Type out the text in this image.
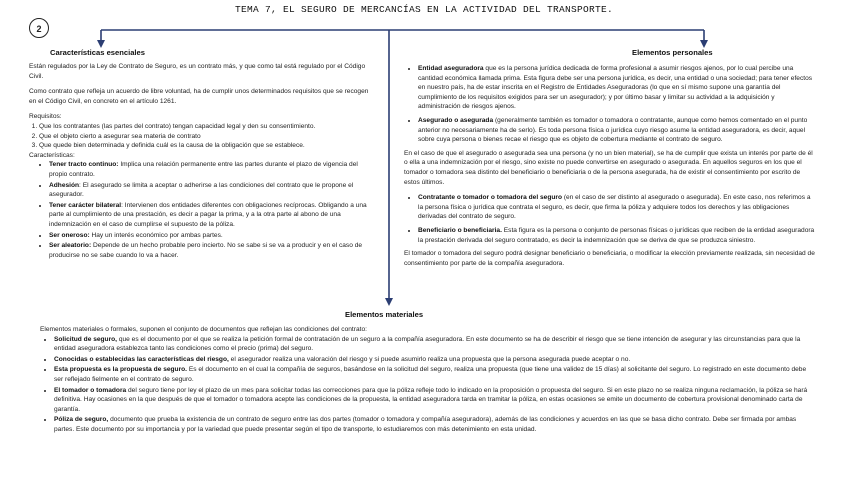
TEMA 7, EL SEGURO DE MERCANCÍAS EN LA ACTIVIDAD DEL TRANSPORTE.
2
Características esenciales

Están regulados por la Ley de Contrato de Seguro, es un contrato más, y que como tal está regulado por el Código Civil.

Como contrato que refleja un acuerdo de libre voluntad, ha de cumplir unos determinados requisitos que se recogen en el Código Civil, en concreto en el artículo 1261.

Requisitos:

1. Que los contratantes (las partes del contrato) tengan capacidad legal y den su consentimiento.
2. Que el objeto cierto a asegurar sea materia de contrato
3. Que quede bien determinada y definida cuál es la causa de la obligación que se establece.

Características:

• Tener tracto continuo: Implica una relación permanente entre las partes durante el plazo de vigencia del propio contrato.
• Adhesión: El asegurado se limita a aceptar o adherirse a las condiciones del contrato que le propone el asegurador.
• Tener carácter bilateral: Intervienen dos entidades diferentes con obligaciones recíprocas. Obligando a una parte al cumplimiento de una prestación, es decir a pagar la prima, y a la otra parte al abono de una indemnización en el caso de cumplirse el supuesto de la póliza.
• Ser oneroso: Hay un interés económico por ambas partes.
• Ser aleatorio: Depende de un hecho probable pero incierto. No se sabe si se va a producir y en el caso de producirse no se sabe cuando lo va a hacer.
Elementos personales
• Entidad aseguradora que es la persona jurídica dedicada de forma profesional a asumir riesgos ajenos, por lo cual percibe una cantidad económica llamada prima. Esta figura debe ser una persona jurídica, es decir, una entidad o una sociedad; para tener efectos en nuestro país, ha de estar inscrita en el Registro de Entidades Aseguradoras (lo que en sí mismo supone una garantía del cumplimiento de los requisitos exigidos para ser un asegurador); y por último basar y limitar su actividad a la adquisición y administración de riesgos ajenos.
• Asegurado o asegurada (generalmente también es tomador o tomadora o contratante, aunque como hemos comentado en el punto anterior no necesariamente ha de serlo). Es toda persona física o jurídica cuyo riesgo asume la entidad aseguradora, es decir, aquel sobre cuya persona o bienes recae el riesgo que es objeto de cobertura mediante el contrato de seguro.

En el caso de que el asegurado o asegurada sea una persona (y no un bien material), se ha de cumplir que exista un interés por parte de él o ella a una indemnización por el riesgo, sino existe no puede convertirse en asegurado o asegurada. En aquellos seguros en los que el tomador o tomadora sea distinto del beneficiario o beneficiaria o de la persona asegurada, ha de existir el consentimiento por escrito de estos últimos.

• Contratante o tomador o tomadora del seguro (en el caso de ser distinto al asegurado o asegurada). En este caso, nos referimos a la persona física o jurídica que contrata el seguro, es decir, que firma la póliza y adquiere todos los derechos y las obligaciones derivadas del contrato de seguro.
• Beneficiario o beneficiaria. Esta figura es la persona o conjunto de personas físicas o jurídicas que reciben de la entidad aseguradora la prestación derivada del seguro contratado, es decir la indemnización que se deriva de que se produzca siniestro.

El tomador o tomadora del seguro podrá designar beneficiario o beneficiaria, o modificar la elección previamente realizada, sin necesidad de consentimiento por parte de la compañía aseguradora.

Elementos materiales

Elementos materiales o formales, suponen el conjunto de documentos que reflejan las condiciones del contrato:

• Solicitud de seguro, que es el documento por el que se realiza la petición formal de contratación de un seguro a la compañía aseguradora. En este documento se ha de describir el riesgo que se tiene intención de asegurar y las circunstancias para que la entidad aseguradora establezca tanto las condiciones como el precio (prima) del seguro.
• Conocidas o establecidas las características del riesgo, el asegurador realiza una valoración del riesgo y si puede asumirlo realiza una propuesta que la persona asegurada puede aceptar o no.
• Esta propuesta es la propuesta de seguro. Es el documento en el cual la compañía de seguros, basándose en la solicitud del seguro, realiza una propuesta (que tiene una validez de 15 días) al solicitante del seguro. Lo registrado en este documento debe ser reflejado fielmente en el contrato de seguro.
• El tomador o tomadora del seguro tiene por ley el plazo de un mes para solicitar todas las correcciones para que la póliza refleje todo lo indicado en la proposición o propuesta del seguro. Si en este plazo no se realiza ninguna reclamación, la póliza se hará definitiva. Hay ocasiones en la que después de que el tomador o tomadora acepte las condiciones de la propuesta, la entidad aseguradora tarda en tramitar la póliza, en estas ocasiones se emite un documento de cobertura provisional denominado carta de garantía.
• Póliza de seguro, documento que prueba la existencia de un contrato de seguro entre las dos partes (tomador o tomadora y compañía aseguradora), además de las condiciones y acuerdos en las que se basa dicho contrato. Debe ser firmada por ambas partes. Este documento por su importancia y por la variedad que puede presentar según el tipo de transporte, lo estudiaremos con más detenimiento en esta unidad.
